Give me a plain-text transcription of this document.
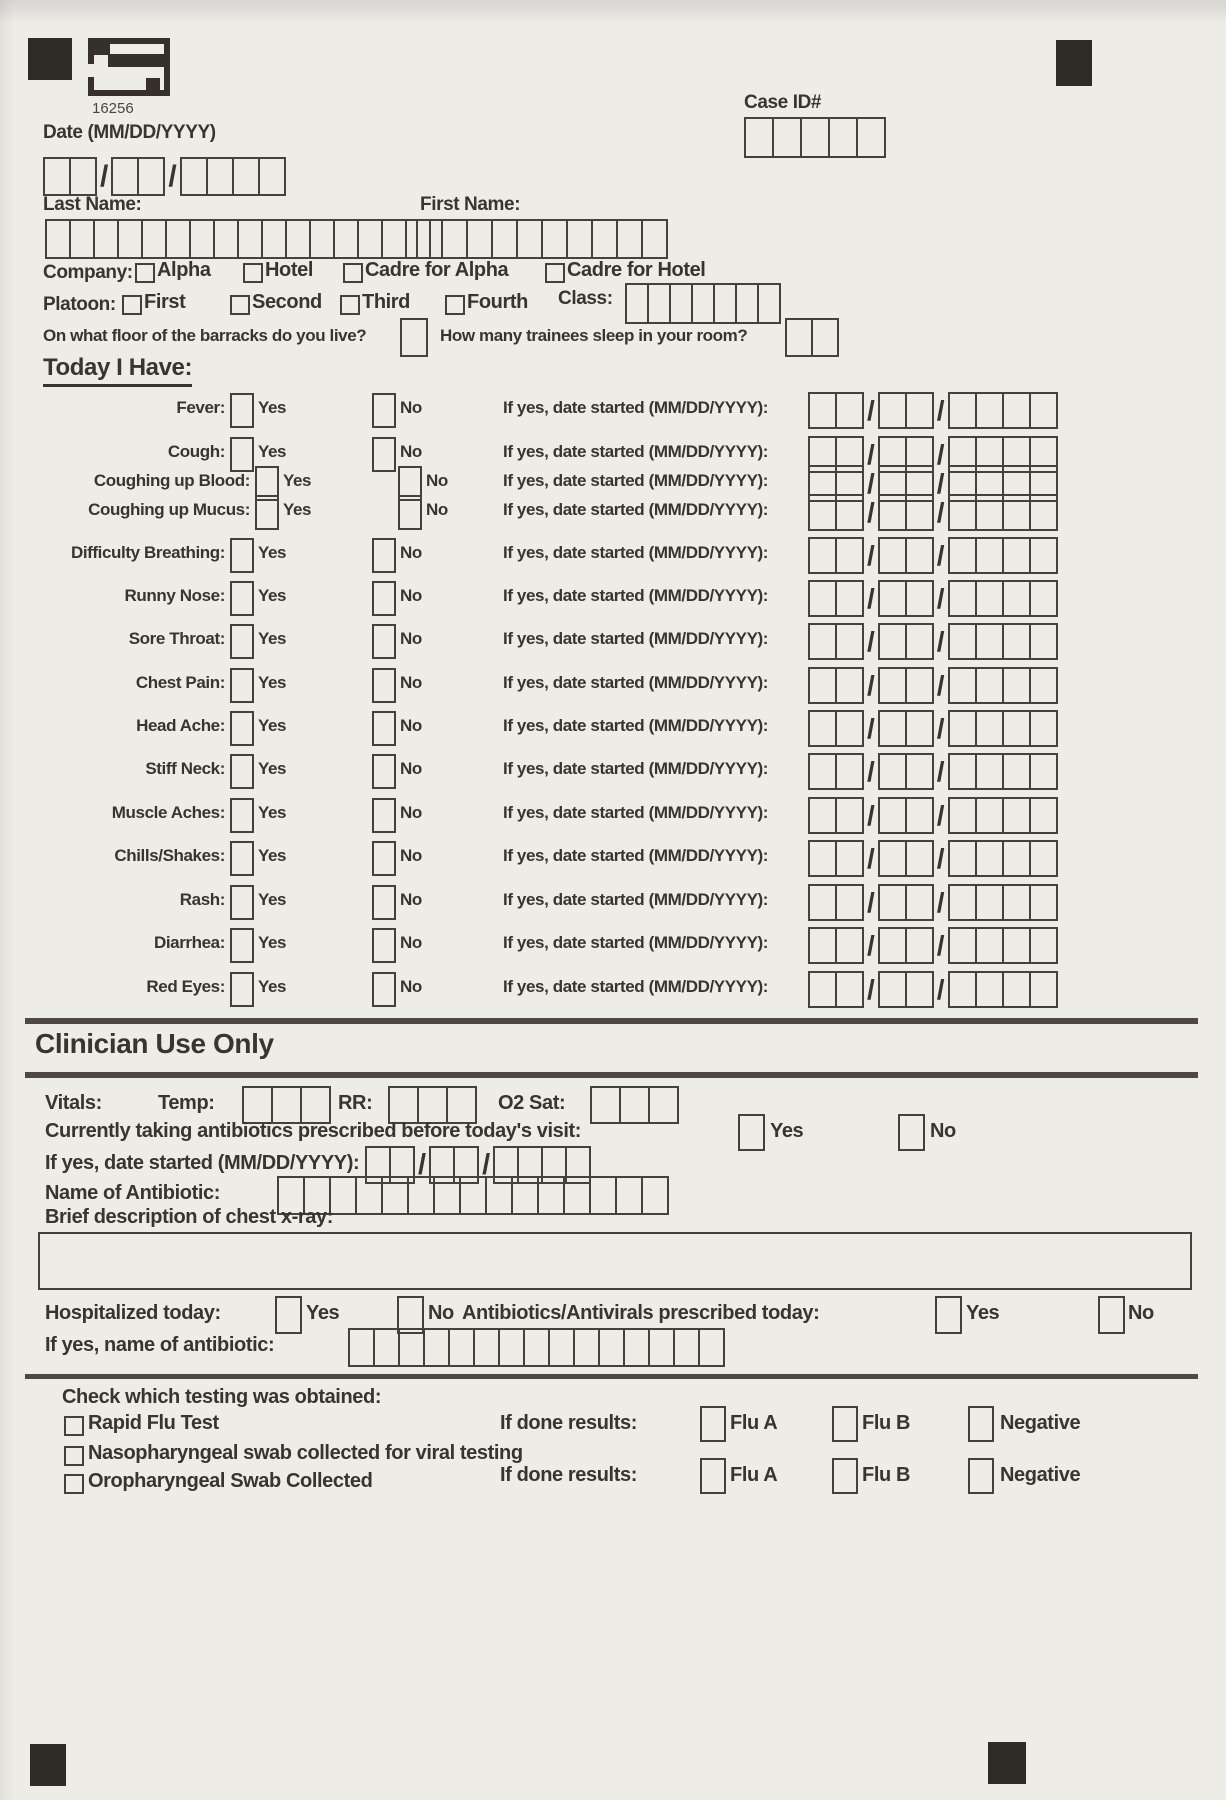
16256	Case ID#
Date (MM/DD/YYYY)
/ /
Last Name:	First Name:
Company: Alpha	Hotel	Cadre for Alpha	Cadre for Hotel
Platoon: First	Second Third	Fourth Class:
On what floor of the barracks do you live?	How many trainees sleep in your room?
Today I Have:
Fever: Yes	No	If yes, date started (MM/DD/YYYY):	/ /
Cough: Yes	No	If yes, date started (MM/DD/YYYY):	/ /
Coughing up Blood: Yes	No	If yes, date started (MM/DD/YYYY):	/ /
Coughing up Mucus: Yes	No	If yes, date started (MM/DD/YYYY):	/ /
Difficulty Breathing: Yes	No	If yes, date started (MM/DD/YYYY):	/ /
Runny Nose: Yes	No	If yes, date started (MM/DD/YYYY):	/ /
Sore Throat: Yes	No	If yes, date started (MM/DD/YYYY):	/ /
Chest Pain: Yes	No	If yes, date started (MM/DD/YYYY):	/ /
Head Ache: Yes	No	If yes, date started (MM/DD/YYYY):	/ /
Stiff Neck: Yes	No	If yes, date started (MM/DD/YYYY):	/ /
Muscle Aches: Yes	No	If yes, date started (MM/DD/YYYY):	/ /
Chills/Shakes: Yes	No	If yes, date started (MM/DD/YYYY):	/ /
Rash: Yes	No	If yes, date started (MM/DD/YYYY):	/ /
Diarrhea: Yes	No	If yes, date started (MM/DD/YYYY):	/ /
Red Eyes: Yes	No	If yes, date started (MM/DD/YYYY):	/ /
Clinician Use Only
Vitals:	Temp:	RR:	O2 Sat:
Currently taking antibiotics prescribed before today's visit:	Yes	No
If yes, date started (MM/DD/YYYY): / /
Name of Antibiotic:
Brief description of chest x-ray:
Hospitalized today:	Yes	No Antibiotics/Antivirals prescribed today:	Yes	No
If yes, name of antibiotic:
Check which testing was obtained:
Rapid Flu Test	If done results:	Flu A	Flu B	Negative
Nasopharyngeal swab collected for viral testing
Oropharyngeal Swab Collected	If done results:	Flu A	Flu B	Negative
